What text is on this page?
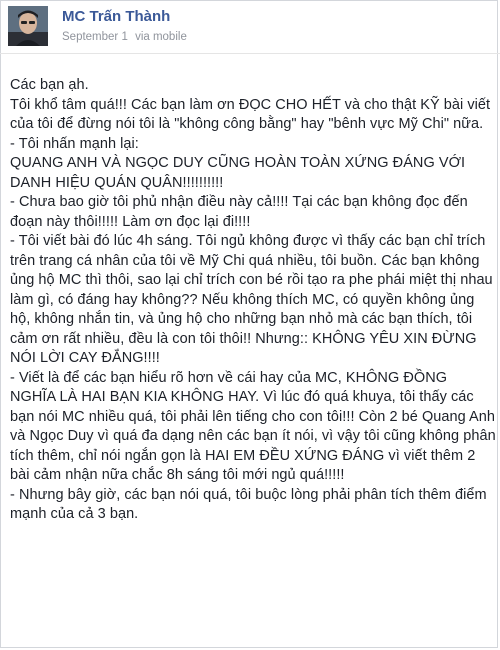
MC Trấn Thành
September 1 via mobile

Các bạn ạh.

Tôi khổ tâm quá!!! Các bạn làm ơn ĐỌC CHO HẾT và cho thật KỸ bài viết của tôi để đừng nói tôi là "không công bằng" hay "bênh vực Mỹ Chi" nữa.

- Tôi nhấn mạnh lại:

QUANG ANH VÀ NGỌC DUY CŨNG HOÀN TOÀN XỨNG ĐÁNG VỚI DANH HIỆU QUÁN QUÂN!!!!!!!!!!

- Chưa bao giờ tôi phủ nhận điều này cả!!!! Tại các bạn không đọc đến đoạn này thôi!!!!! Làm ơn đọc lại đi!!!!

- Tôi viết bài đó lúc 4h sáng. Tôi ngủ không được vì thấy các bạn chỉ trích trên trang cá nhân của tôi về Mỹ Chi quá nhiều, tôi buồn. Các bạn không ủng hộ MC thì thôi, sao lại chỉ trích con bé rồi tạo ra phe phái miệt thị nhau làm gì, có đáng hay không?? Nếu không thích MC, có quyền không ủng hộ, không nhắn tin, và ủng hộ cho những bạn nhỏ mà các bạn thích, tôi cảm ơn rất nhiều, đều là con tôi thôi!! Nhưng:: KHÔNG YÊU XIN ĐỪNG NÓI LỜI CAY ĐẮNG!!!!

- Viết là để các bạn hiểu rõ hơn về cái hay của MC, KHÔNG ĐỒNG NGHĨA LÀ HAI BẠN KIA KHÔNG HAY. Vì lúc đó quá khuya, tôi thấy các bạn nói MC nhiều quá, tôi phải lên tiếng cho con tôi!!! Còn 2 bé Quang Anh và Ngọc Duy vì quá đa dạng nên các bạn ít nói, vì vậy tôi cũng không phân tích thêm, chỉ nói ngắn gọn là HAI EM ĐỀU XỨNG ĐÁNG vì viết thêm 2 bài cảm nhận nữa chắc 8h sáng tôi mới ngủ quá!!!!!

- Nhưng bây giờ, các bạn nói quá, tôi buộc lòng phải phân tích thêm điểm mạnh của cả 3 bạn.
